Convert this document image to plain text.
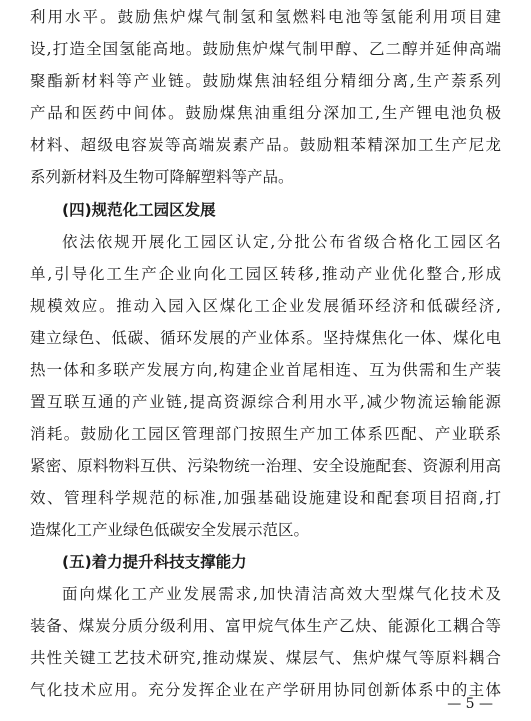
利用水平。鼓励焦炉煤气制氢和氢燃料电池等氢能利用项目建
设,打造全国氢能高地。鼓励焦炉煤气制甲醇、乙二醇并延伸高端
聚酯新材料等产业链。鼓励煤焦油轻组分精细分离,生产萘系列
产品和医药中间体。鼓励煤焦油重组分深加工,生产锂电池负极
材料、超级电容炭等高端炭素产品。鼓励粗苯精深加工生产尼龙
系列新材料及生物可降解塑料等产品。
(四)规范化工园区发展
依法依规开展化工园区认定,分批公布省级合格化工园区名
单,引导化工生产企业向化工园区转移,推动产业优化整合,形成
规模效应。推动入园入区煤化工企业发展循环经济和低碳经济,
建立绿色、低碳、循环发展的产业体系。坚持煤焦化一体、煤化电
热一体和多联产发展方向,构建企业首尾相连、互为供需和生产装
置互联互通的产业链,提高资源综合利用水平,减少物流运输能源
消耗。鼓励化工园区管理部门按照生产加工体系匹配、产业联系
紧密、原料物料互供、污染物统一治理、安全设施配套、资源利用高
效、管理科学规范的标准,加强基础设施建设和配套项目招商,打
造煤化工产业绿色低碳安全发展示范区。
(五)着力提升科技支撑能力
面向煤化工产业发展需求,加快清洁高效大型煤气化技术及
装备、煤炭分质分级利用、富甲烷气体生产乙炔、能源化工耦合等
共性关键工艺技术研究,推动煤炭、煤层气、焦炉煤气等原料耦合
气化技术应用。充分发挥企业在产学研用协同创新体系中的主体
— 5 —
